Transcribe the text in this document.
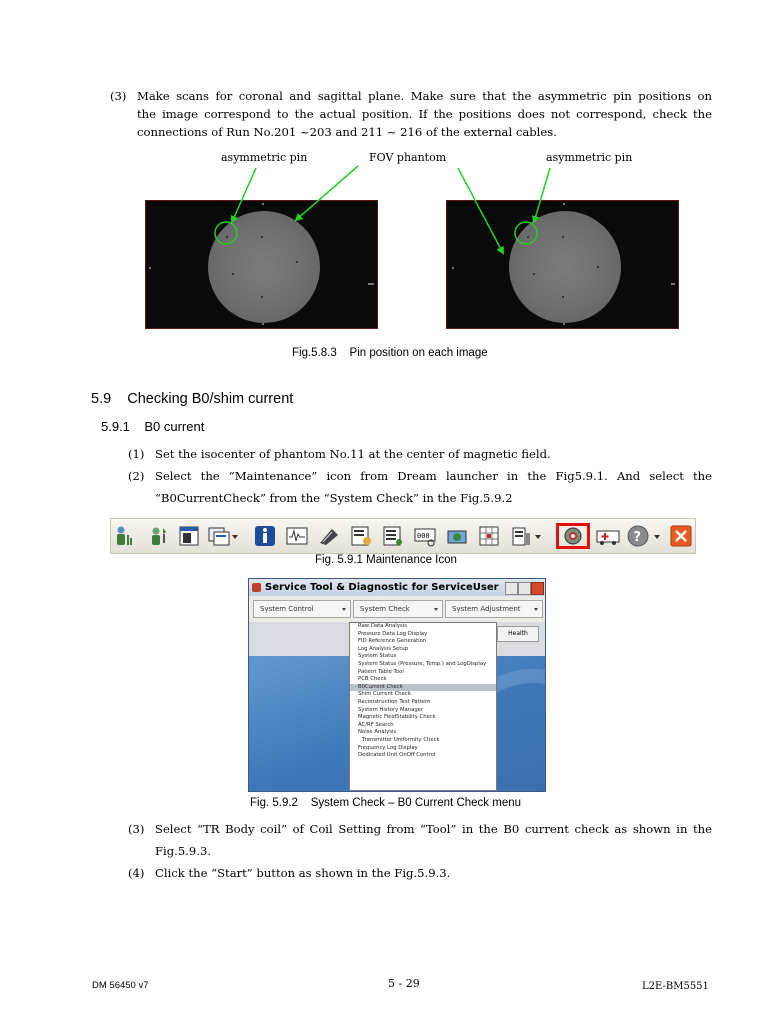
(3) Make scans for coronal and sagittal plane. Make sure that the asymmetric pin positions on
the image correspond to the actual position. If the positions does not correspond, check the
connections of Run No.201 ~203 and 211 ~ 216 of the external cables.
asymmetric pin	FOV phantom	asymmetric pin
Fig.5.8.3    Pin position on each image
5.9    Checking B0/shim current
5.9.1    B0 current
(1) Set the isocenter of phantom No.11 at the center of magnetic field.
(2) Select the “Maintenance” icon from Dream launcher in the Fig5.9.1. And select the
“B0CurrentCheck” from the “System Check” in the Fig.5.9.2
000	?
Fig. 5.9.1 Maintenance Icon
Service Tool & Diagnostic for ServiceUser
System Control	System Check	System Adjustment
Health
Raw Data Analysis
Pressure Data Log Display
FID Reference Generation
Log Analysis Setup
System Status
System Status (Pressure, Temp.) and LogDisplay
Patient Table Tool
PCB Check
B0Current Check
Shim Current Check
Reconstruction Test Pattern
System History Manager
Magnetic FieldStability Check
AC/RF Search
Noise Analysis
Transmitter Uniformity Check
Frequency Log Display
Dedicated Unit OnOff Control
Fig. 5.9.2    System Check – B0 Current Check menu
(3) Select “TR Body coil” of Coil Setting from “Tool” in the B0 current check as shown in the
Fig.5.9.3.
(4) Click the “Start” button as shown in the Fig.5.9.3.
DM 56450 v7	5 - 29	L2E-BM5551
